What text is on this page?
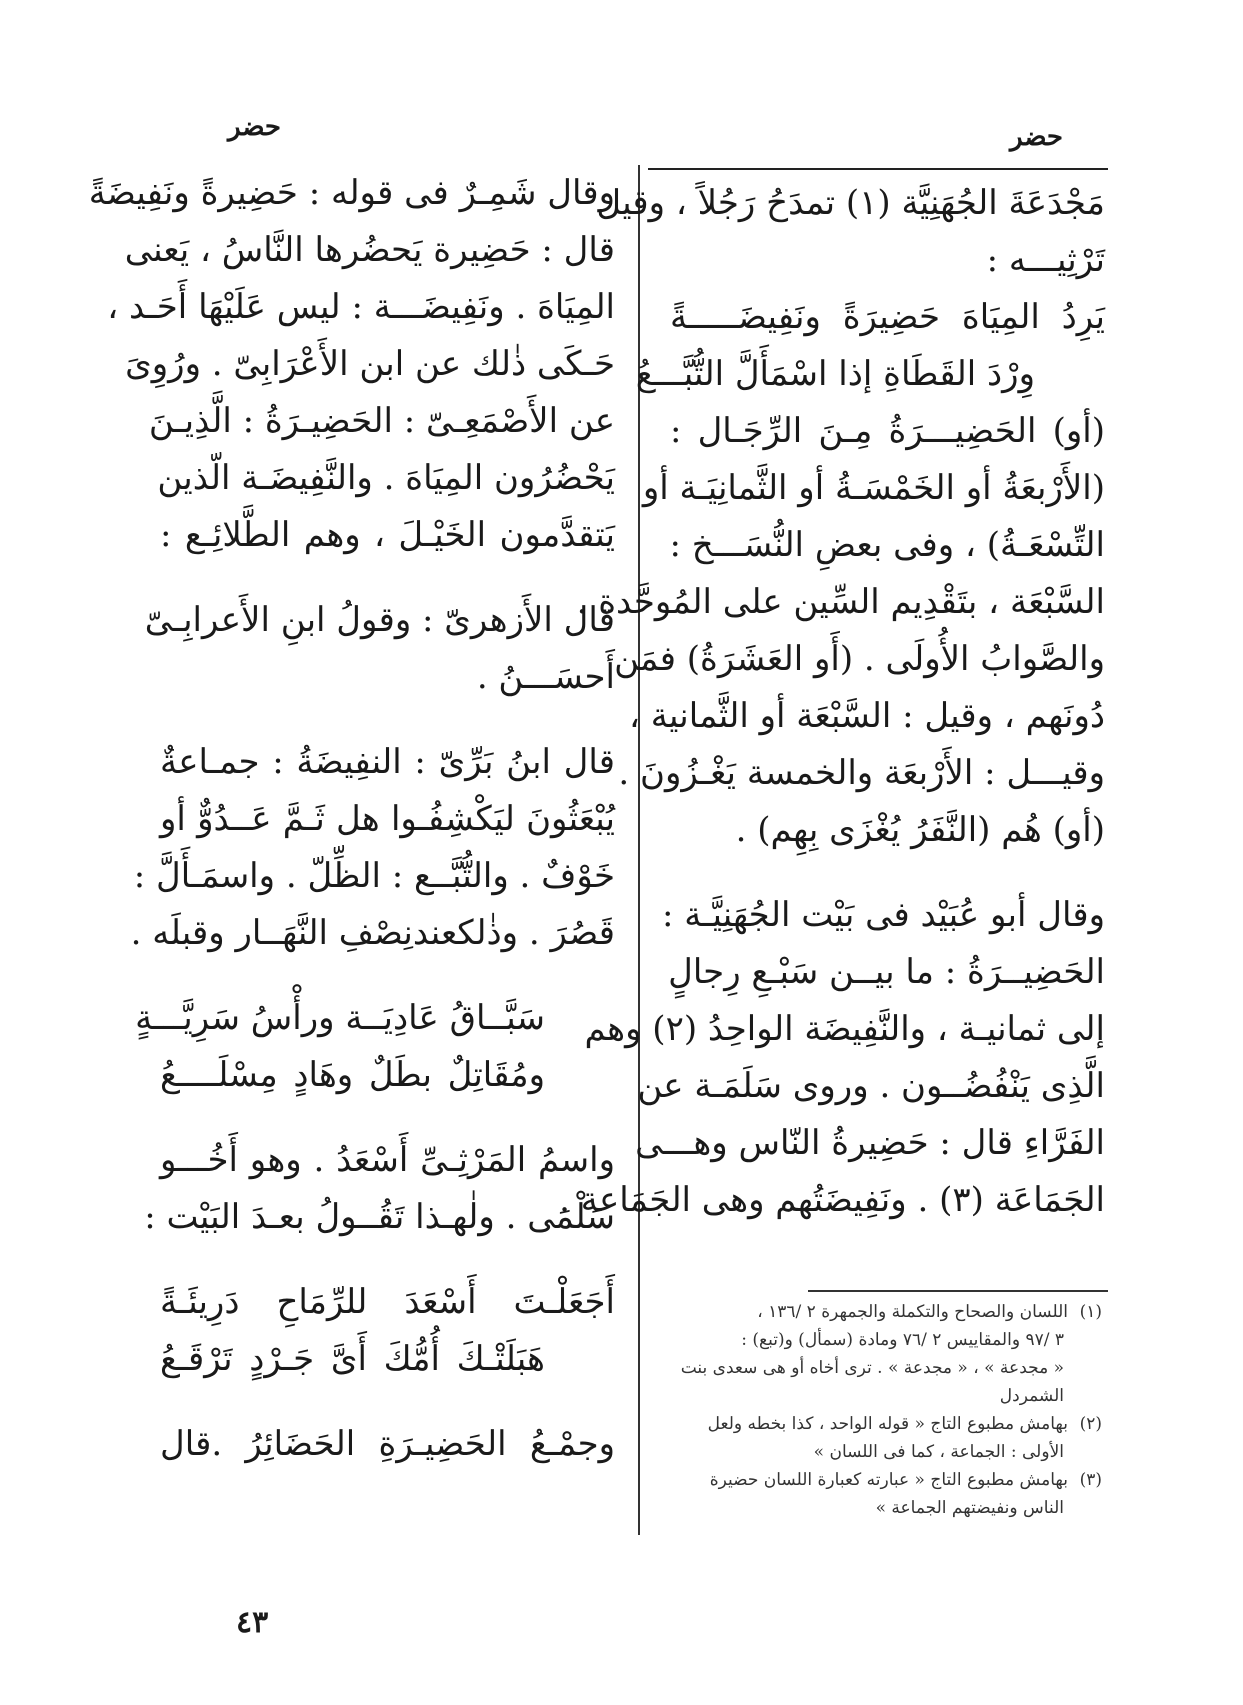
حضر
حضر
مَجْدَعَةَ الجُهَنِيَّة (١) تمدَحُ رَجُلاً ، وقيل
تَرْثِيـــه :
يَرِدُ المِيَاهَ حَضِيرَةً ونَفِيضَـــــةً
وِرْدَ القَطَاةِ إذا اسْمَأَلَّ التُّبَّـــعُ
(أو) الحَضِيـــرَةُ مِـنَ الرِّجَـال :
(الأَرْبعَةُ أو الخَمْسَـةُ أو الثَّمانِيَـة أو
التِّسْعَـةُ) ، وفى بعضِ النُّسَـــخ :
السَّبْعَة ، بتَقْدِيم السِّين على المُوحَّدة .
والصَّوابُ الأُولَى . (أَو العَشَرَةُ) فمَن
دُونَهم ، وقيل : السَّبْعَة أو الثَّمانية ،
وقيـــل : الأَرْبعَة والخمسة يَغْـزُونَ .
(أو) هُم (النَّفَرُ يُغْزَى بِهِم) .
وقال أبو عُبَيْد فى بَيْت الجُهَنِيَّـة :
الحَضِيــرَةُ : ما بيــن سَبْـعِ رِجالٍ
إلى ثمانيـة ، والنَّفِيضَة الواحِدُ (٢) وهم
الَّذِى يَنْفُضُــون . وروى سَلَمَـة عن
الفَرَّاءِ قال : حَضِيرةُ النّاس وهـــى
الجَمَاعَة (٣) . ونَفِيضَتُهم وهى الجَمَاعة .
(١)اللسان والصحاح والتكملة والجمهرة ٢ /١٣٦ ،
٣ /٩٧ والمقاييس ٢ /٧٦ ومادة (سمأل) و(تبع) :
« مجدعة » ، « مجدعة » . ترى أخاه أو هى سعدى بنت
الشمردل
(٢)بهامش مطبوع التاج « قوله الواحد ، كذا بخطه ولعل
الأولى : الجماعة ، كما فى اللسان »
(٣)بهامش مطبوع التاج « عبارته كعبارة اللسان حضيرة
الناس ونفيضتهم الجماعة »
وقال شَمِـرٌ فى قوله : حَضِيرةً ونَفِيضَةً
قال : حَضِيرة يَحضُرها النَّاسُ ، يَعنى
المِيَاهَ . ونَفِيضَـــة : ليس عَلَيْهَا أَحَـد ،
حَـكَى ذٰلك عن ابن الأَعْرَابِىّ . ورُوِىَ
عن الأَصْمَعِـىّ : الحَضِيـرَةُ : الَّذِيـنَ
يَحْضُرُون المِيَاهَ . والنَّفِيضَـة الّذين
يَتقدَّمون الخَيْـلَ ، وهم الطَّلائِـع :
قال الأَزهرىّ : وقولُ ابنِ الأَعرابِـىّ
أَحسَـــنُ .
قال ابنُ بَرِّىّ : النفِيضَةُ : جمـاعةٌ
يُبْعَثُونَ ليَكْشِفُـوا هل ثَـمَّ عَــدُوٌّ أو
خَوْفٌ . والتُّبَّــع : الظِّلّ . واسمَـأَلَّ :
قَصُرَ . وذٰلكعندنِصْفِ النَّهَــار وقبلَه .
سَبَّــاقُ عَادِيَــة ورأْسُ سَرِيَّـــةٍ
ومُقَاتِلٌ بطَلٌ وهَادٍ مِسْلَــــعُ
واسمُ المَرْثِـىِّ أَسْعَدُ . وهو أَخُـــو
سَلْمَى . ولٰهـذا تَقُــولُ بعـدَ البَيْت :
أَجَعَلْـتَ أَسْعَدَ للرِّمَاحِ دَرِيئَـةً
هَبَلَتْـكَ أُمُّكَ أَىَّ جَـرْدٍ تَرْقَـعُ
وجمْـعُ الحَضِيـرَةِ الحَضَائِرُ .قال
٤٣
